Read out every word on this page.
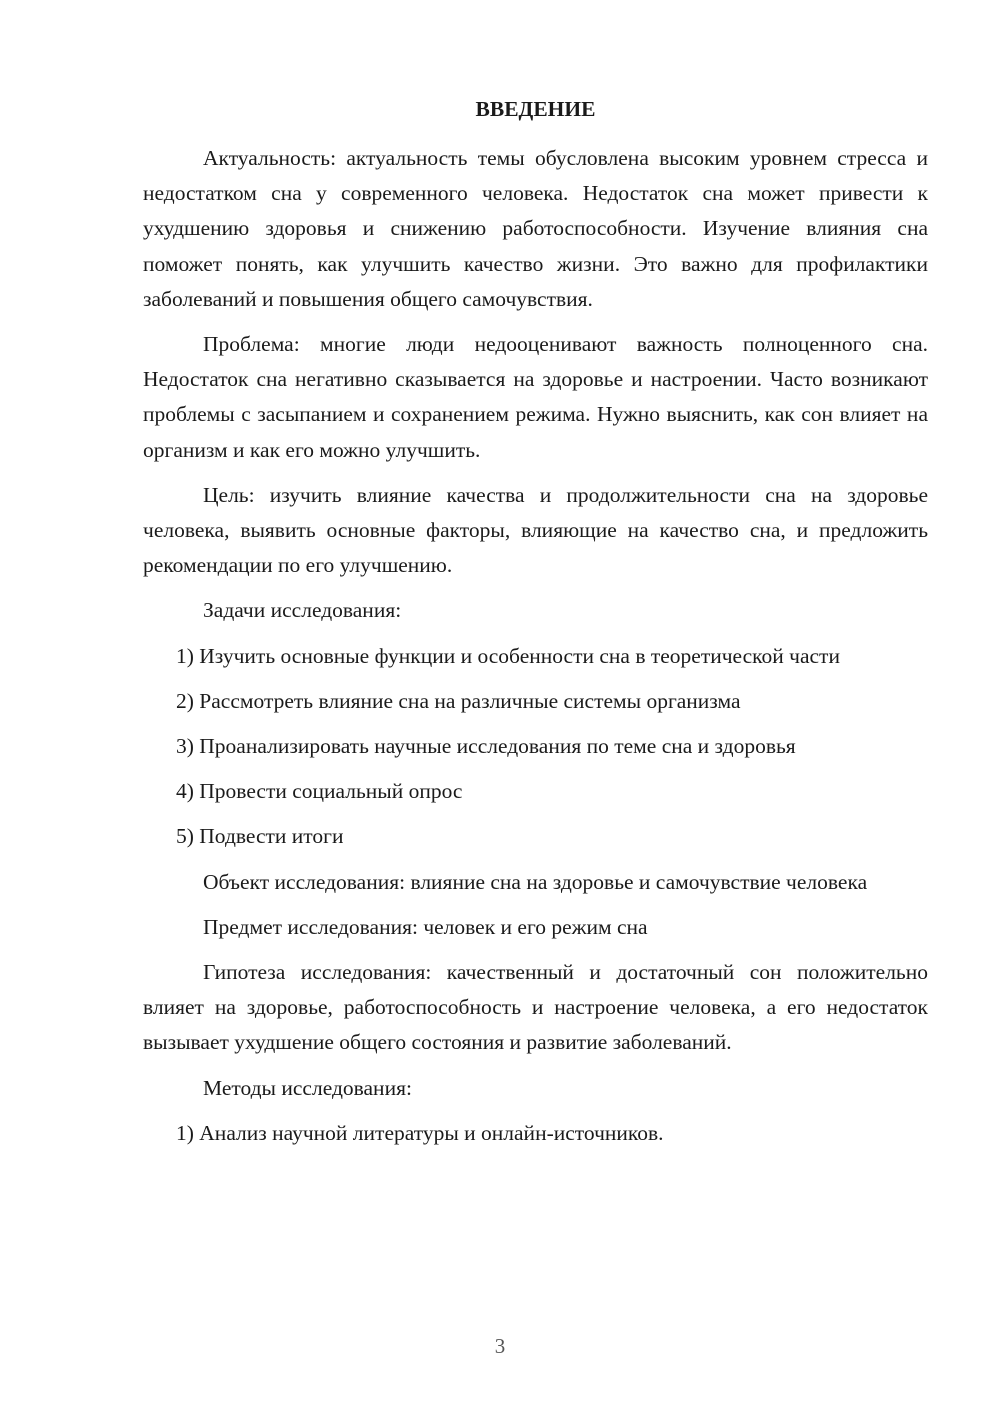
ВВЕДЕНИЕ

Актуальность: актуальность темы обусловлена высоким уровнем стресса и недостатком сна у современного человека. Недостаток сна может привести к ухудшению здоровья и снижению работоспособности. Изучение влияния сна поможет понять, как улучшить качество жизни. Это важно для профилактики заболеваний и повышения общего самочувствия.

Проблема: многие люди недооценивают важность полноценного сна. Недостаток сна негативно сказывается на здоровье и настроении. Часто возникают проблемы с засыпанием и сохранением режима. Нужно выяснить, как сон влияет на организм и как его можно улучшить.

Цель: изучить влияние качества и продолжительности сна на здоровье человека, выявить основные факторы, влияющие на качество сна, и предложить рекомендации по его улучшению.

Задачи исследования:

1) Изучить основные функции и особенности сна в теоретической части

2) Рассмотреть влияние сна на различные системы организма

3) Проанализировать научные исследования по теме сна и здоровья

4) Провести социальный опрос

5) Подвести итоги

Объект исследования: влияние сна на здоровье и самочувствие человека

Предмет исследования: человек и его режим сна

Гипотеза исследования: качественный и достаточный сон положительно влияет на здоровье, работоспособность и настроение человека, а его недостаток вызывает ухудшение общего состояния и развитие заболеваний.

Методы исследования:

1) Анализ научной литературы и онлайн-источников.

3
